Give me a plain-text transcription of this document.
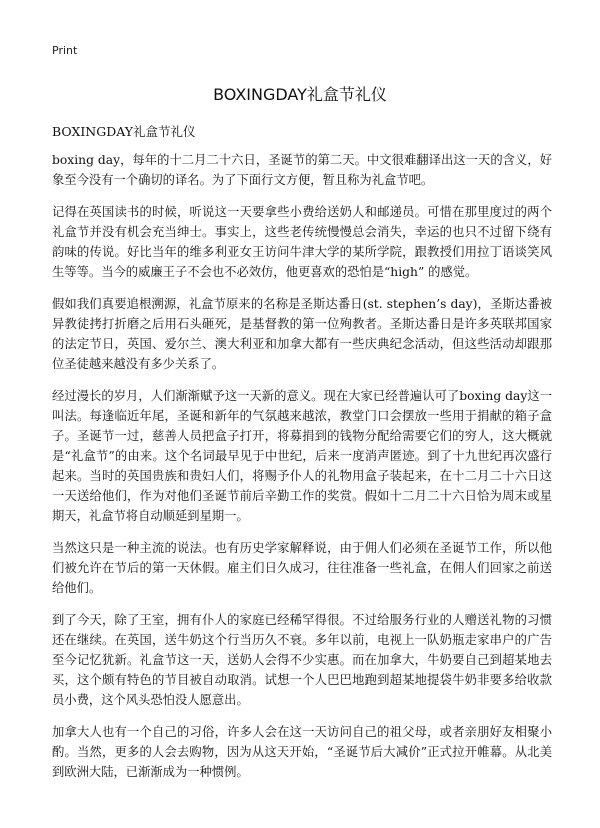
Print
BOXINGDAY礼盒节礼仪

BOXINGDAY礼盒节礼仪

boxing day，每年的十二月二十六日，圣诞节的第二天。中文很难翻译出这一天的含义，好象至今没有一个确切的译名。为了下面行文方便，暂且称为礼盒节吧。

记得在英国读书的时候，听说这一天要拿些小费给送奶人和邮递员。可惜在那里度过的两个礼盒节并没有机会充当绅士。事实上，这些老传统慢慢总会消失，幸运的也只不过留下绕有韵味的传说。好比当年的维多利亚女王访问牛津大学的某所学院，跟教授们用拉丁语谈笑风生等等。当今的威廉王子不会也不必效仿，他更喜欢的恐怕是“high” 的感觉。

假如我们真要追根溯源，礼盒节原来的名称是圣斯达番日(st. stephen’s day)，圣斯达番被异教徒拷打折磨之后用石头砸死，是基督教的第一位殉教者。圣斯达番日是许多英联邦国家的法定节日，英国、爱尔兰、澳大利亚和加拿大都有一些庆典纪念活动，但这些活动却跟那位圣徒越来越没有多少关系了。

经过漫长的岁月，人们渐渐赋予这一天新的意义。现在大家已经普遍认可了boxing day这一叫法。每逢临近年尾，圣诞和新年的气氛越来越浓，教堂门口会摆放一些用于捐献的箱子盒子。圣诞节一过，慈善人员把盒子打开，将募捐到的钱物分配给需要它们的穷人，这大概就是“礼盒节”的由来。这个名词最早见于中世纪，后来一度消声匿迹。到了十九世纪再次盛行起来。当时的英国贵族和贵妇人们，将赐予仆人的礼物用盒子装起来，在十二月二十六日这一天送给他们，作为对他们圣诞节前后辛勤工作的奖赏。假如十二月二十六日恰为周末或星期天，礼盒节将自动顺延到星期一。

当然这只是一种主流的说法。也有历史学家解释说，由于佣人们必须在圣诞节工作，所以他们被允许在节后的第一天休假。雇主们日久成习，往往准备一些礼盒，在佣人们回家之前送给他们。

到了今天，除了王室，拥有仆人的家庭已经稀罕得很。不过给服务行业的人赠送礼物的习惯还在继续。在英国，送牛奶这个行当历久不衰。多年以前，电视上一队奶瓶走家串户的广告至今记忆犹新。礼盒节这一天，送奶人会得不少实惠。而在加拿大，牛奶要自己到超某地去买，这个颇有特色的节目被自动取消。试想一个人巴巴地跑到超某地提袋牛奶非要多给收款员小费，这个风头恐怕没人愿意出。

加拿大人也有一个自己的习俗，许多人会在这一天访问自己的祖父母，或者亲朋好友相聚小酌。当然，更多的人会去购物，因为从这天开始，“圣诞节后大减价”正式拉开帷幕。从北美到欧洲大陆，已渐渐成为一种惯例。
